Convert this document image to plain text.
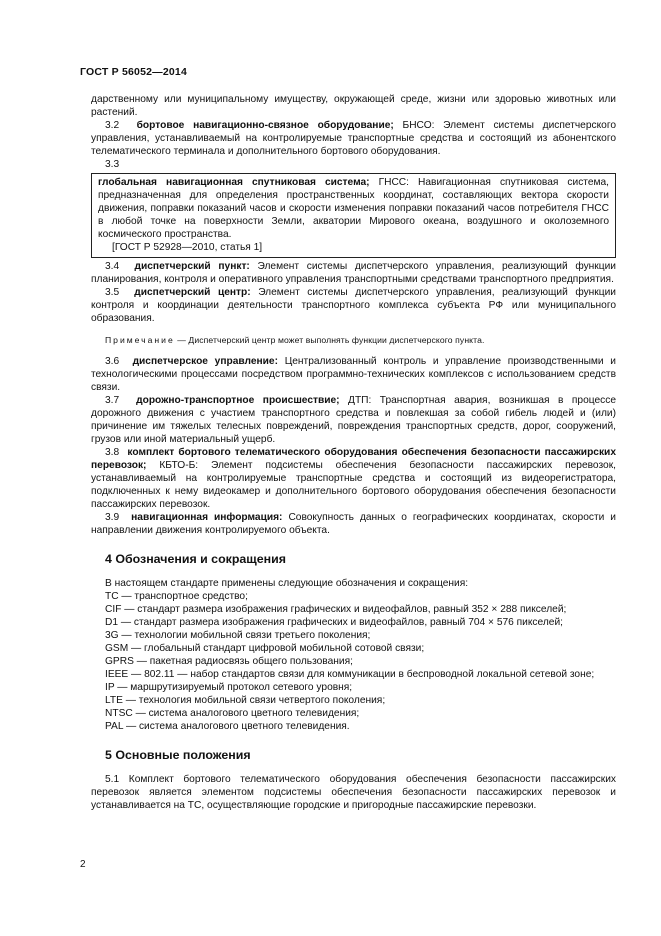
ГОСТ Р 56052—2014

дарственному или муниципальному имуществу, окружающей среде, жизни или здоровью животных или растений.

3.2 бортовое навигационно-связное оборудование; БНСО: Элемент системы диспетчерского управления, устанавливаемый на контролируемые транспортные средства и состоящий из абонентского телематического терминала и дополнительного бортового оборудования.

3.3

глобальная навигационная спутниковая система; ГНСС: Навигационная спутниковая система, предназначенная для определения пространственных координат, составляющих вектора скорости движения, поправки показаний часов и скорости изменения поправки показаний часов потребителя ГНСС в любой точке на поверхности Земли, акватории Мирового океана, воздушного и околоземного космического пространства.

[ГОСТ Р 52928—2010, статья 1]

3.4 диспетчерский пункт: Элемент системы диспетчерского управления, реализующий функции планирования, контроля и оперативного управления транспортными средствами транспортного предприятия.

3.5 диспетчерский центр: Элемент системы диспетчерского управления, реализующий функции контроля и координации деятельности транспортного комплекса субъекта РФ или муниципального образования.

Примечание — Диспетчерский центр может выполнять функции диспетчерского пункта.

3.6 диспетчерское управление: Централизованный контроль и управление производственными и технологическими процессами посредством программно-технических комплексов с использованием средств связи.

3.7 дорожно-транспортное происшествие; ДТП: Транспортная авария, возникшая в процессе дорожного движения с участием транспортного средства и повлекшая за собой гибель людей и (или) причинение им тяжелых телесных повреждений, повреждения транспортных средств, дорог, сооружений, грузов или иной материальный ущерб.

3.8 комплект бортового телематического оборудования обеспечения безопасности пассажирских перевозок; КБТО-Б: Элемент подсистемы обеспечения безопасности пассажирских перевозок, устанавливаемый на контролируемые транспортные средства и состоящий из видеорегистратора, подключенных к нему видеокамер и дополнительного бортового оборудования обеспечения безопасности пассажирских перевозок.

3.9 навигационная информация: Совокупность данных о географических координатах, скорости и направлении движения контролируемого объекта.

4 Обозначения и сокращения

В настоящем стандарте применены следующие обозначения и сокращения:

ТС — транспортное средство;

CIF — стандарт размера изображения графических и видеофайлов, равный 352 × 288 пикселей;

D1 — стандарт размера изображения графических и видеофайлов, равный 704 × 576 пикселей;

3G — технологии мобильной связи третьего поколения;

GSM — глобальный стандарт цифровой мобильной сотовой связи;

GPRS — пакетная радиосвязь общего пользования;

IEEE — 802.11 — набор стандартов связи для коммуникации в беспроводной локальной сетевой зоне;

IP — маршрутизируемый протокол сетевого уровня;

LTE — технология мобильной связи четвертого поколения;

NTSC — система аналогового цветного телевидения;

PAL — система аналогового цветного телевидения.

5 Основные положения

5.1 Комплект бортового телематического оборудования обеспечения безопасности пассажирских перевозок является элементом подсистемы обеспечения безопасности пассажирских перевозок и устанавливается на ТС, осуществляющие городские и пригородные пассажирские перевозки.

2
